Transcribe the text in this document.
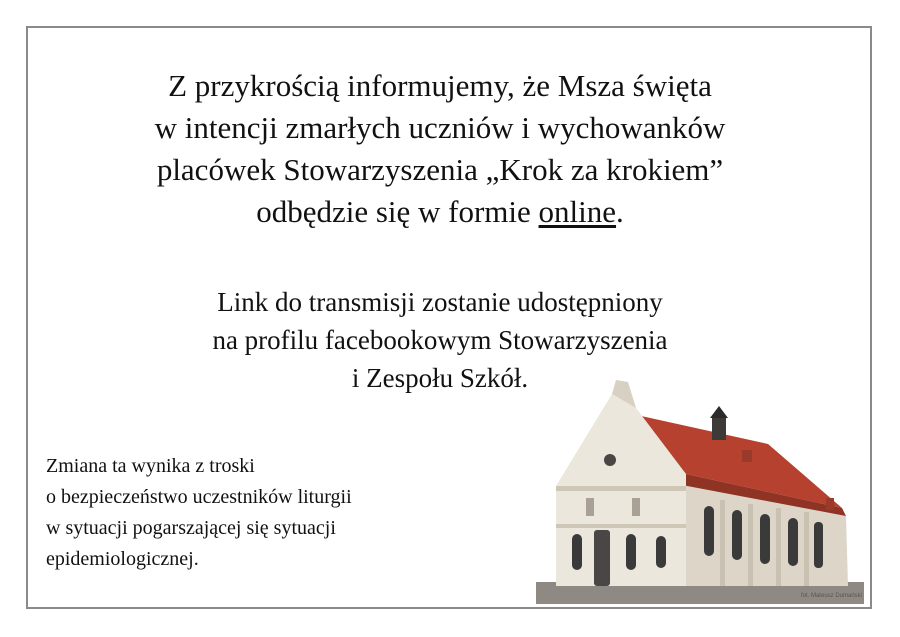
Z przykrością informujemy, że Msza święta
w intencji zmarłych uczniów i wychowanków
placówek Stowarzyszenia „Krok za krokiem”
odbędzie się w formie online.

Link do transmisji zostanie udostępniony
na profilu facebookowym Stowarzyszenia
i Zespołu Szkół.

Zmiana ta wynika z troski
o bezpieczeństwo uczestników liturgii
w sytuacji pogarszającej się sytuacji
epidemiologicznej.

fot. Mateusz Dumański
